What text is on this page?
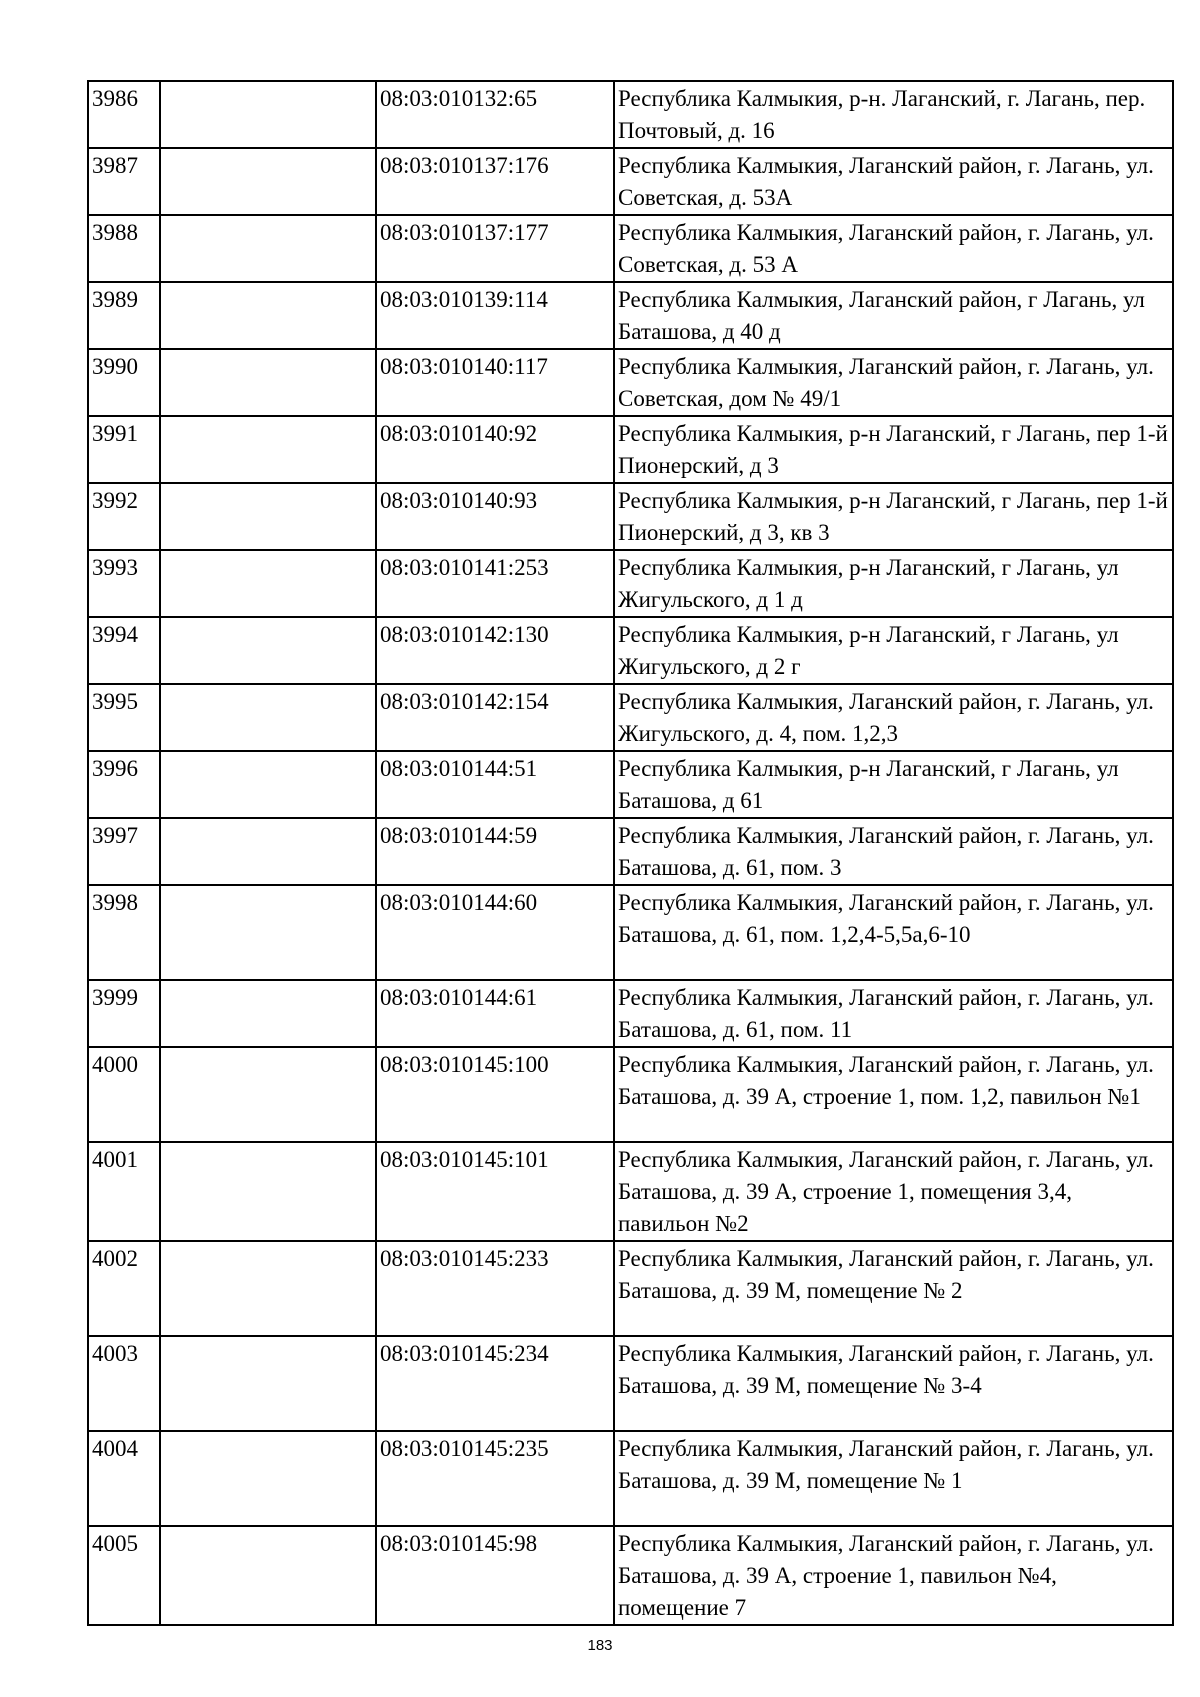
3986		08:03:010132:65	Республика Калмыкия, р-н. Лаганский, г. Лагань, пер. Почтовый, д. 16
3987		08:03:010137:176	Республика Калмыкия, Лаганский район, г. Лагань, ул. Советская, д. 53А
3988		08:03:010137:177	Республика Калмыкия, Лаганский район, г. Лагань, ул. Советская, д. 53 А
3989		08:03:010139:114	Республика Калмыкия, Лаганский район, г Лагань, ул Баташова, д 40 д
3990		08:03:010140:117	Республика Калмыкия, Лаганский район, г. Лагань, ул. Советская, дом № 49/1
3991		08:03:010140:92	Республика Калмыкия, р-н Лаганский, г Лагань, пер 1-й Пионерский, д 3
3992		08:03:010140:93	Республика Калмыкия, р-н Лаганский, г Лагань, пер 1-й Пионерский, д 3, кв 3
3993		08:03:010141:253	Республика Калмыкия, р-н Лаганский, г Лагань, ул Жигульского, д 1 д
3994		08:03:010142:130	Республика Калмыкия, р-н Лаганский, г Лагань, ул Жигульского, д 2 г
3995		08:03:010142:154	Республика Калмыкия, Лаганский район, г. Лагань, ул. Жигульского, д. 4, пом. 1,2,3
3996		08:03:010144:51	Республика Калмыкия, р-н Лаганский, г Лагань, ул Баташова, д 61
3997		08:03:010144:59	Республика Калмыкия, Лаганский район, г. Лагань, ул. Баташова, д. 61, пом. 3
3998		08:03:010144:60	Республика Калмыкия, Лаганский район, г. Лагань, ул. Баташова, д. 61, пом. 1,2,4-5,5а,6-10
3999		08:03:010144:61	Республика Калмыкия, Лаганский район, г. Лагань, ул. Баташова, д. 61, пом. 11
4000		08:03:010145:100	Республика Калмыкия, Лаганский район, г. Лагань, ул. Баташова, д. 39 А, строение 1, пом. 1,2, павильон №1
4001		08:03:010145:101	Республика Калмыкия, Лаганский район, г. Лагань, ул. Баташова, д. 39 А, строение 1, помещения 3,4, павильон №2
4002		08:03:010145:233	Республика Калмыкия, Лаганский район, г. Лагань, ул. Баташова, д. 39 М, помещение № 2
4003		08:03:010145:234	Республика Калмыкия, Лаганский район, г. Лагань, ул. Баташова, д. 39 М, помещение № 3-4
4004		08:03:010145:235	Республика Калмыкия, Лаганский район, г. Лагань, ул. Баташова, д. 39 М, помещение № 1
4005		08:03:010145:98	Республика Калмыкия, Лаганский район, г. Лагань, ул. Баташова, д. 39 А, строение 1, павильон №4, помещение 7
183
